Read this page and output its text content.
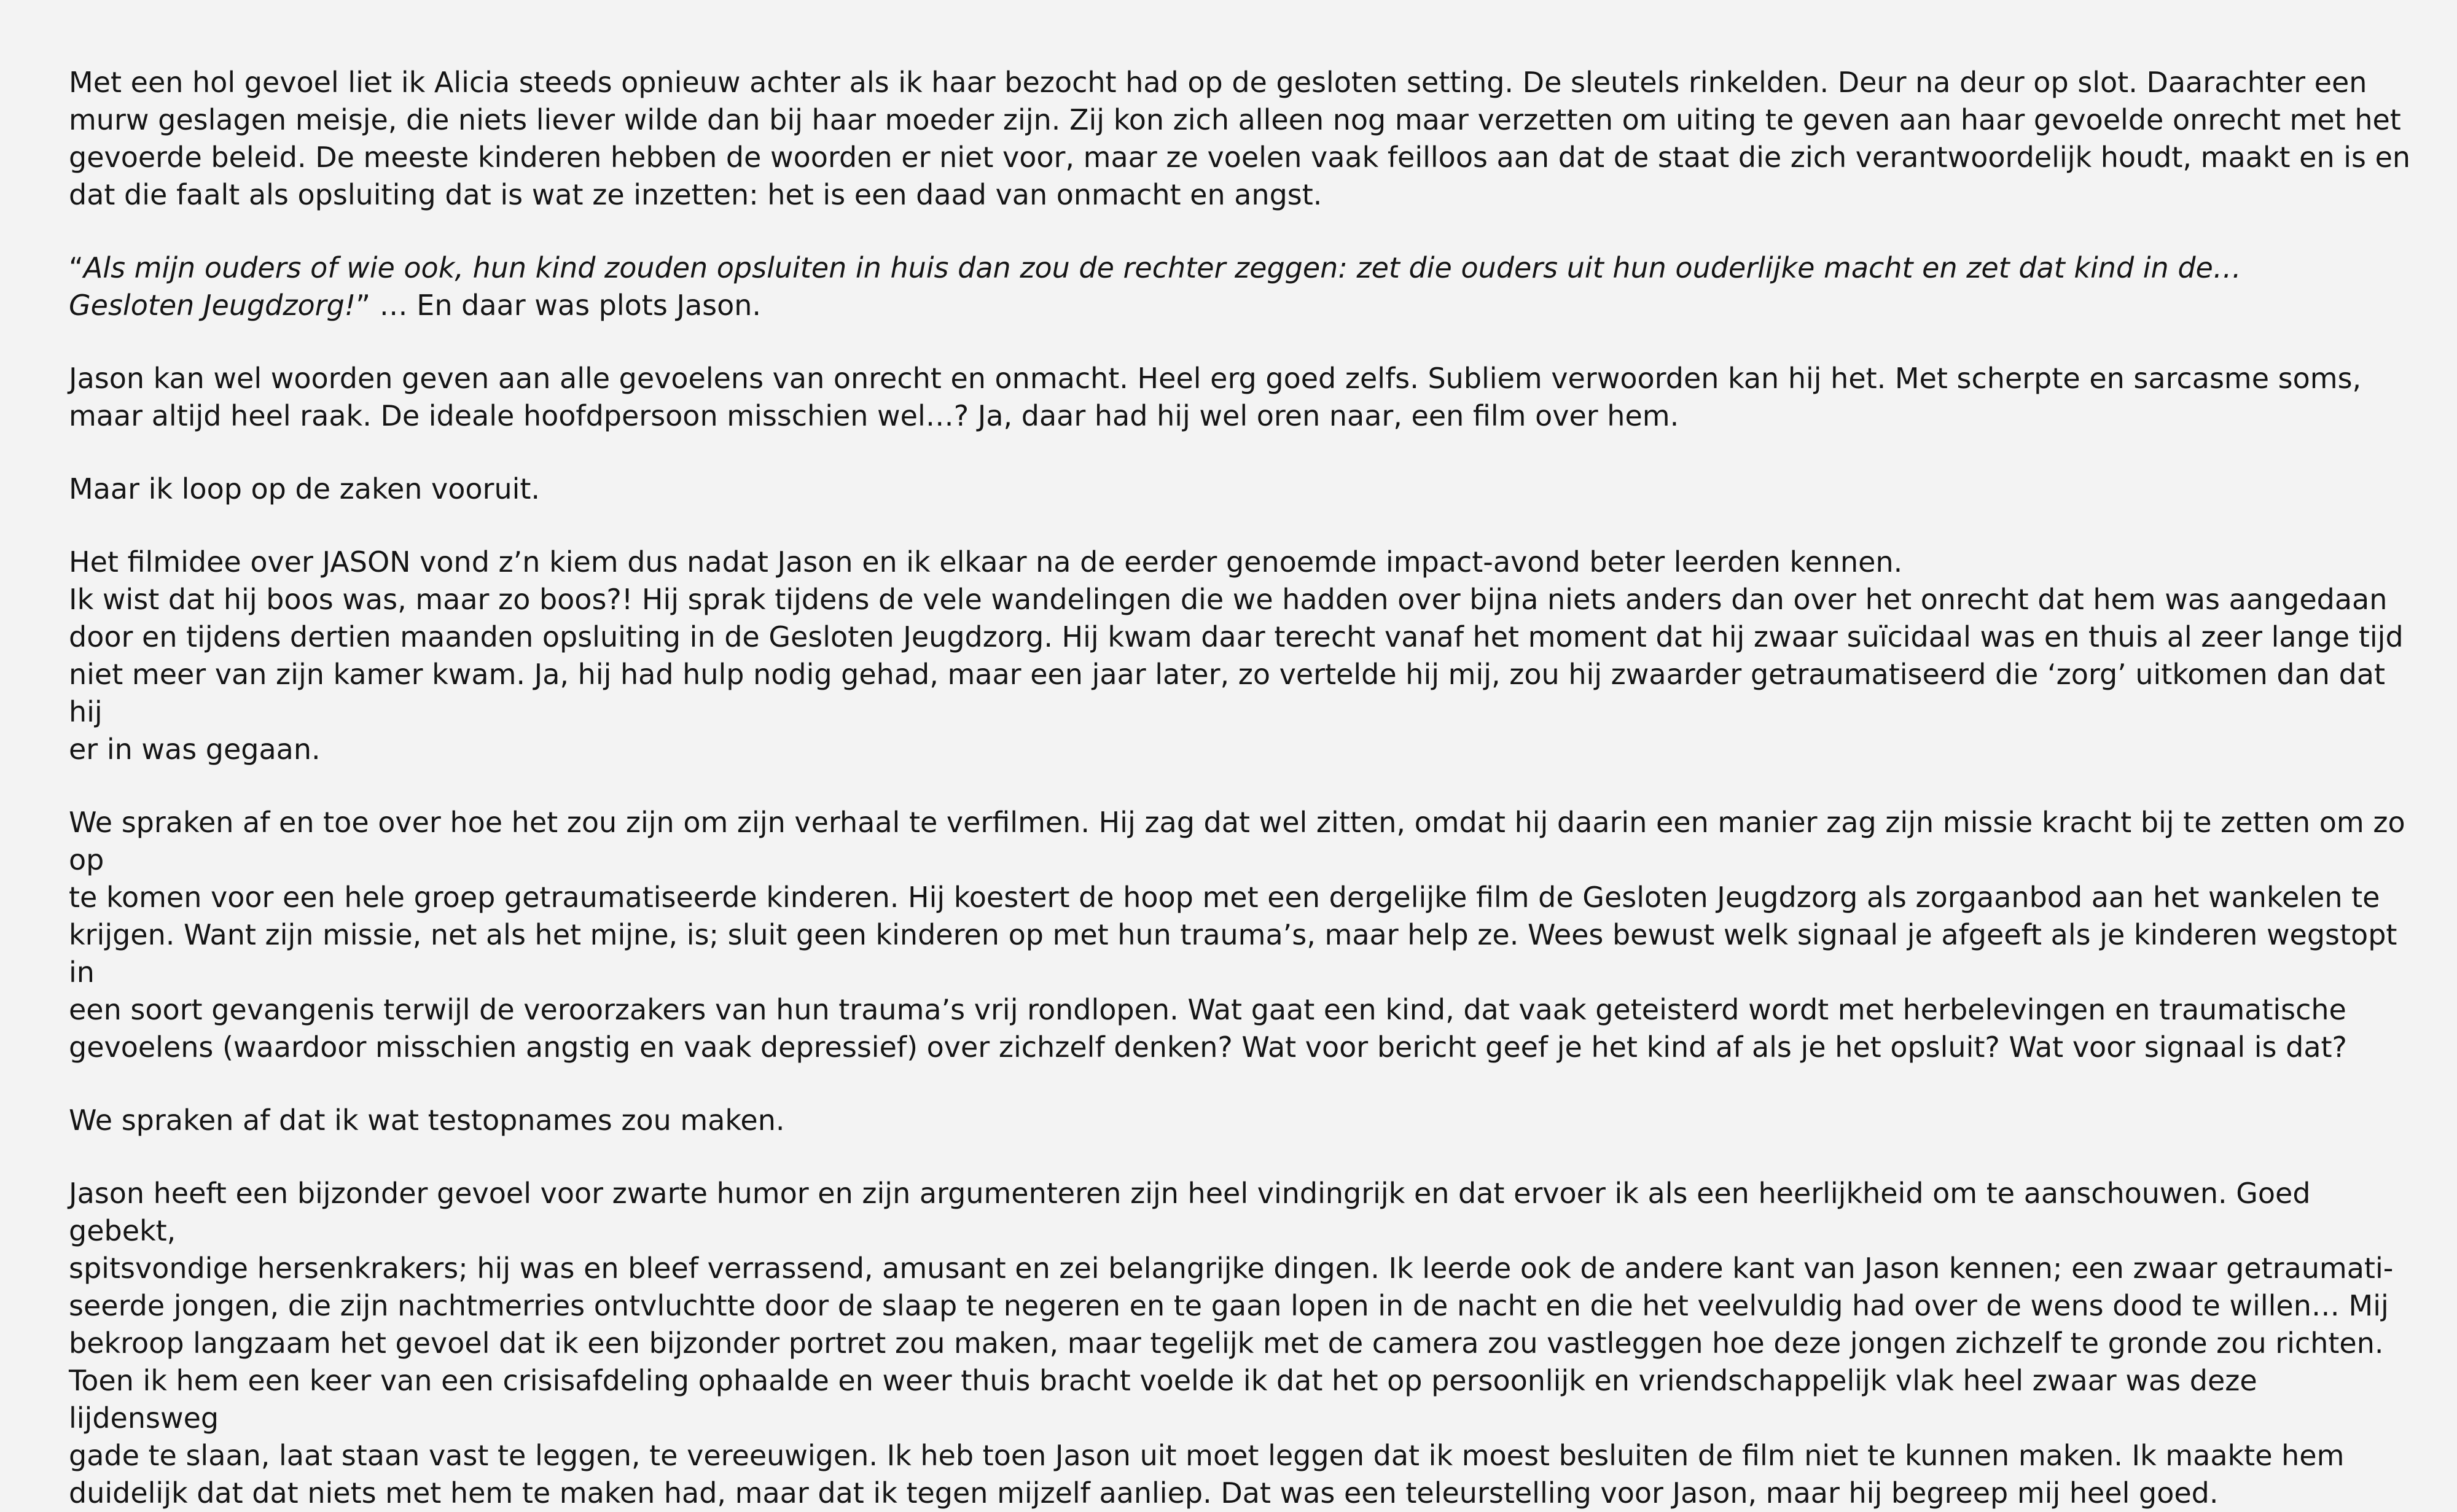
Met een hol gevoel liet ik Alicia steeds opnieuw achter als ik haar bezocht had op de gesloten setting. De sleutels rinkelden. Deur na deur op slot. Daarachter een
murw geslagen meisje, die niets liever wilde dan bij haar moeder zijn. Zij kon zich alleen nog maar verzetten om uiting te geven aan haar gevoelde onrecht met het
gevoerde beleid. De meeste kinderen hebben de woorden er niet voor, maar ze voelen vaak feilloos aan dat de staat die zich verantwoordelijk houdt, maakt en is en
dat die faalt als opsluiting dat is wat ze inzetten: het is een daad van onmacht en angst.

“Als mijn ouders of wie ook, hun kind zouden opsluiten in huis dan zou de rechter zeggen: zet die ouders uit hun ouderlijke macht en zet dat kind in de…
Gesloten Jeugdzorg!” … En daar was plots Jason.

Jason kan wel woorden geven aan alle gevoelens van onrecht en onmacht. Heel erg goed zelfs. Subliem verwoorden kan hij het. Met scherpte en sarcasme soms,
maar altijd heel raak. De ideale hoofdpersoon misschien wel…? Ja, daar had hij wel oren naar, een film over hem.

Maar ik loop op de zaken vooruit.

Het filmidee over JASON vond z’n kiem dus nadat Jason en ik elkaar na de eerder genoemde impact-avond beter leerden kennen.
Ik wist dat hij boos was, maar zo boos?! Hij sprak tijdens de vele wandelingen die we hadden over bijna niets anders dan over het onrecht dat hem was aangedaan
door en tijdens dertien maanden opsluiting in de Gesloten Jeugdzorg. Hij kwam daar terecht vanaf het moment dat hij zwaar suïcidaal was en thuis al zeer lange tijd
niet meer van zijn kamer kwam. Ja, hij had hulp nodig gehad, maar een jaar later, zo vertelde hij mij, zou hij zwaarder getraumatiseerd die ‘zorg’ uitkomen dan dat hij
er in was gegaan.

We spraken af en toe over hoe het zou zijn om zijn verhaal te verfilmen. Hij zag dat wel zitten, omdat hij daarin een manier zag zijn missie kracht bij te zetten om zo op
te komen voor een hele groep getraumatiseerde kinderen. Hij koestert de hoop met een dergelijke film de Gesloten Jeugdzorg als zorgaanbod aan het wankelen te
krijgen. Want zijn missie, net als het mijne, is; sluit geen kinderen op met hun trauma’s, maar help ze. Wees bewust welk signaal je afgeeft als je kinderen wegstopt in
een soort gevangenis terwijl de veroorzakers van hun trauma’s vrij rondlopen. Wat gaat een kind, dat vaak geteisterd wordt met herbelevingen en traumatische
gevoelens (waardoor misschien angstig en vaak depressief) over zichzelf denken? Wat voor bericht geef je het kind af als je het opsluit? Wat voor signaal is dat?

We spraken af dat ik wat testopnames zou maken.

Jason heeft een bijzonder gevoel voor zwarte humor en zijn argumenteren zijn heel vindingrijk en dat ervoer ik als een heerlijkheid om te aanschouwen. Goed gebekt,
spitsvondige hersenkrakers; hij was en bleef verrassend, amusant en zei belangrijke dingen. Ik leerde ook de andere kant van Jason kennen; een zwaar getraumati-
seerde jongen, die zijn nachtmerries ontvluchtte door de slaap te negeren en te gaan lopen in de nacht en die het veelvuldig had over de wens dood te willen… Mij
bekroop langzaam het gevoel dat ik een bijzonder portret zou maken, maar tegelijk met de camera zou vastleggen hoe deze jongen zichzelf te gronde zou richten.
Toen ik hem een keer van een crisisafdeling ophaalde en weer thuis bracht voelde ik dat het op persoonlijk en vriendschappelijk vlak heel zwaar was deze lijdensweg
gade te slaan, laat staan vast te leggen, te vereeuwigen. Ik heb toen Jason uit moet leggen dat ik moest besluiten de film niet te kunnen maken. Ik maakte hem
duidelijk dat dat niets met hem te maken had, maar dat ik tegen mijzelf aanliep. Dat was een teleurstelling voor Jason, maar hij begreep mij heel goed.
